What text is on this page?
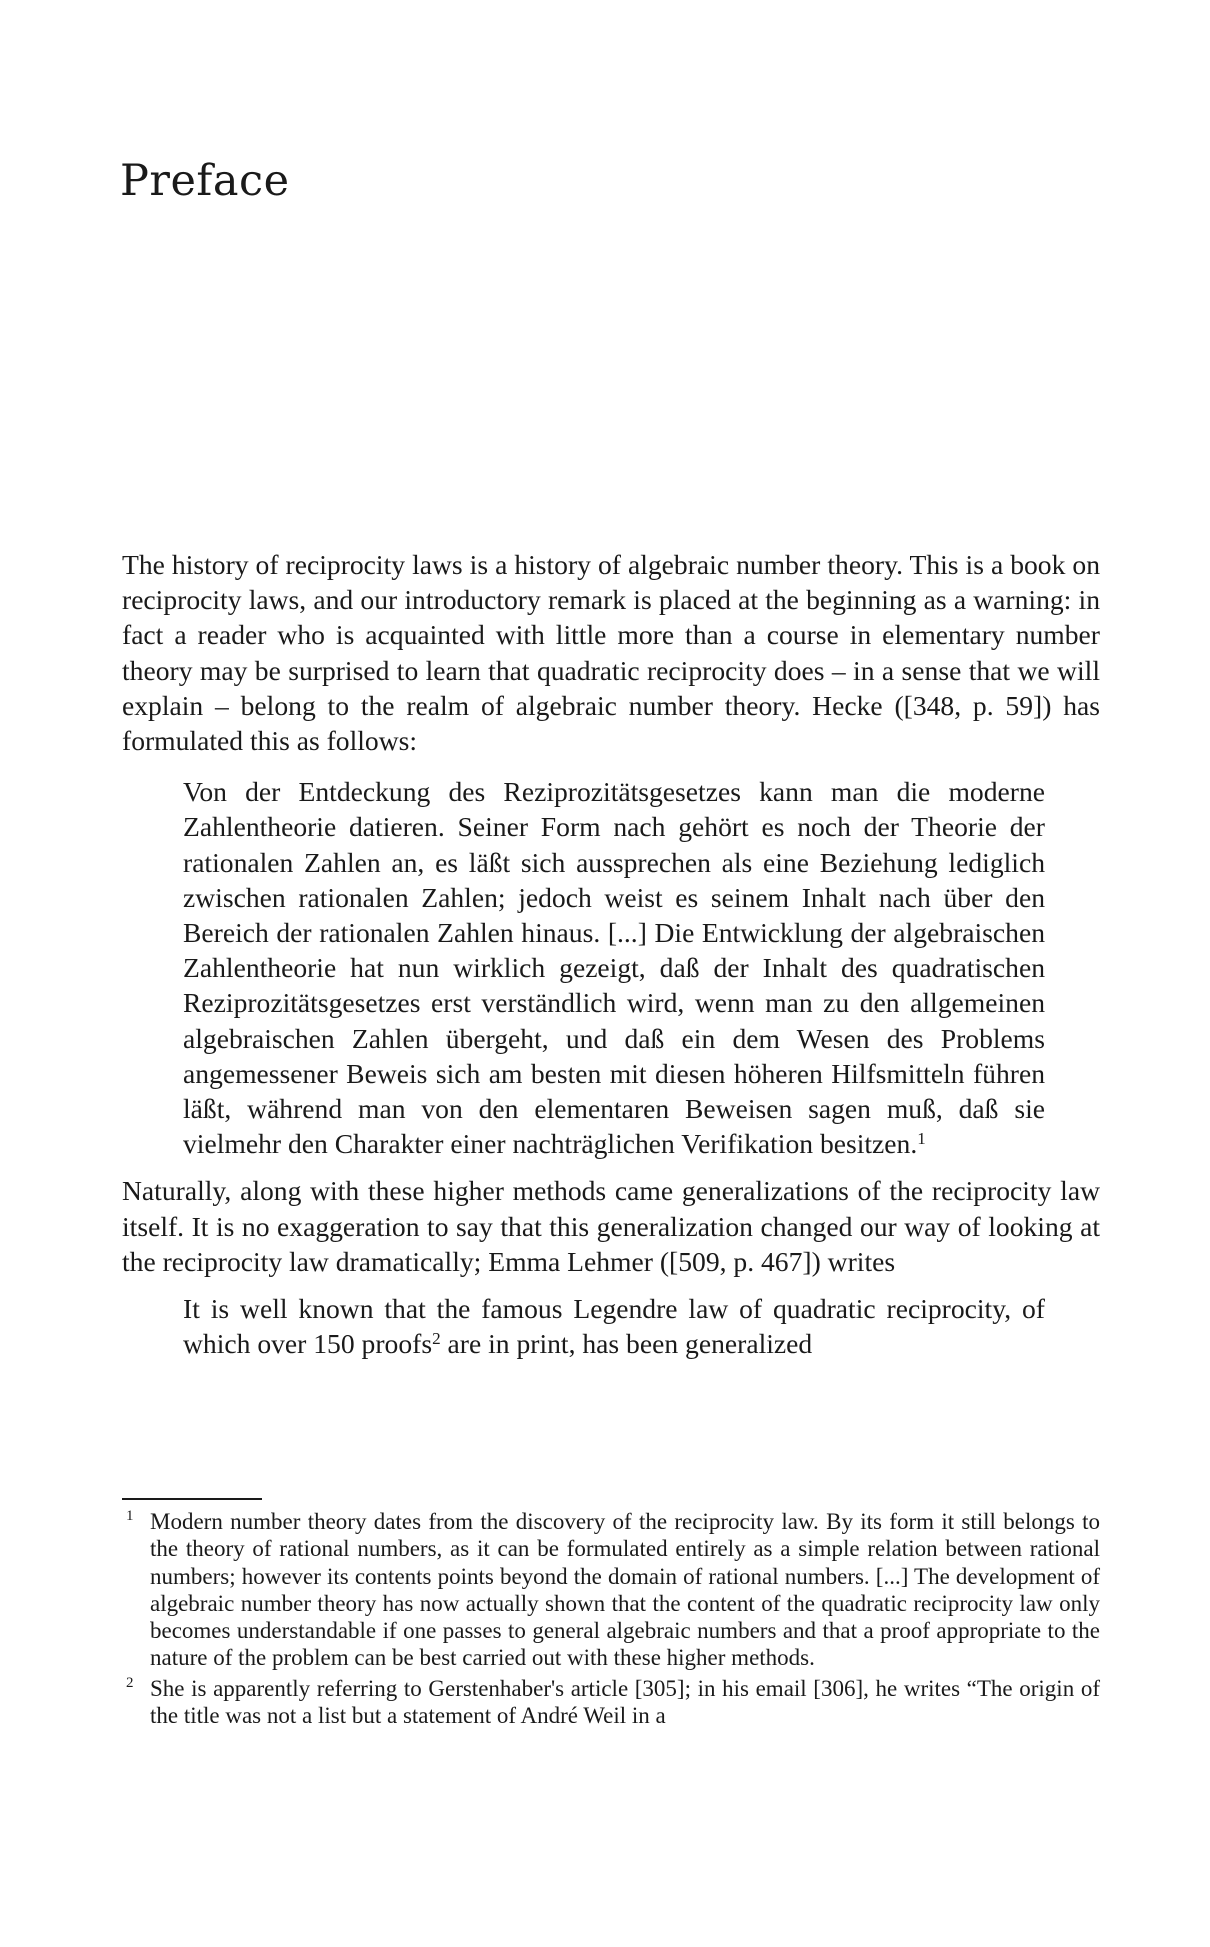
Preface

The history of reciprocity laws is a history of algebraic number theory. This is a book on reciprocity laws, and our introductory remark is placed at the beginning as a warning: in fact a reader who is acquainted with little more than a course in elementary number theory may be surprised to learn that quadratic reciprocity does – in a sense that we will explain – belong to the realm of algebraic number theory. Hecke ([348, p. 59]) has formulated this as follows:

Von der Entdeckung des Reziprozitätsgesetzes kann man die moderne Zahlentheorie datieren. Seiner Form nach gehört es noch der Theorie der rationalen Zahlen an, es läßt sich aussprechen als eine Beziehung lediglich zwischen rationalen Zahlen; jedoch weist es seinem Inhalt nach über den Bereich der rationalen Zahlen hinaus. [...] Die Entwicklung der algebraischen Zahlentheorie hat nun wirklich gezeigt, daß der Inhalt des quadratischen Reziprozitätsgesetzes erst verständlich wird, wenn man zu den allgemeinen algebraischen Zahlen übergeht, und daß ein dem Wesen des Problems angemessener Beweis sich am besten mit diesen höheren Hilfsmitteln führen läßt, während man von den elementaren Beweisen sagen muß, daß sie vielmehr den Charakter einer nachträglichen Verifikation besitzen.$^1$

Naturally, along with these higher methods came generalizations of the reciprocity law itself. It is no exaggeration to say that this generalization changed our way of looking at the reciprocity law dramatically; Emma Lehmer ([509, p. 467]) writes

It is well known that the famous Legendre law of quadratic reciprocity, of which over 150 proofs$^2$ are in print, has been generalized

1 Modern number theory dates from the discovery of the reciprocity law. By its form it still belongs to the theory of rational numbers, as it can be formulated entirely as a simple relation between rational numbers; however its contents points beyond the domain of rational numbers. [...] The development of algebraic number theory has now actually shown that the content of the quadratic reciprocity law only becomes understandable if one passes to general algebraic numbers and that a proof appropriate to the nature of the problem can be best carried out with these higher methods.

2 She is apparently referring to Gerstenhaber's article [305]; in his email [306], he writes “The origin of the title was not a list but a statement of André Weil in a
